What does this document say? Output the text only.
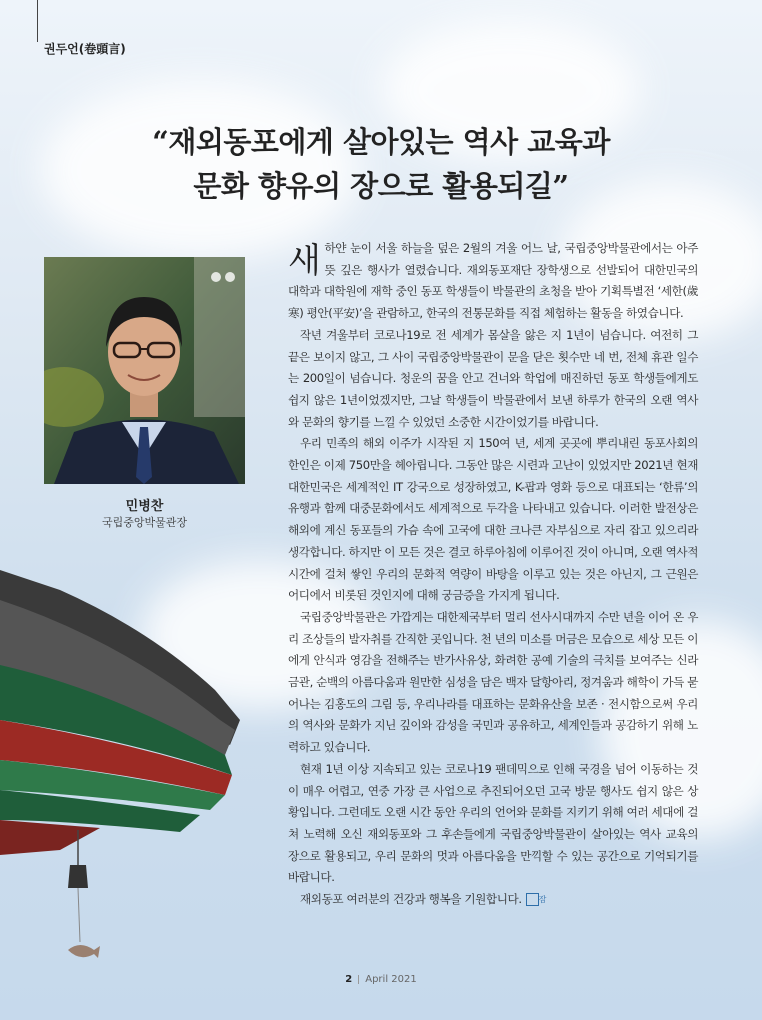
권두언(卷頭言)
“재외동포에게 살아있는 역사 교육과
문화 향유의 장으로 활용되길”
민병찬
국립중앙박물관장

새하얀 눈이 서울 하늘을 덮은 2월의 겨울 어느 날, 국립중앙박물관에서는 아주 뜻 깊은 행사가 열렸습니다. 재외동포재단 장학생으로 선발되어 대한민국의 대학과 대학원에 재학 중인 동포 학생들이 박물관의 초청을 받아 기획특별전 ‘세한(歲寒) 평안(平安)’을 관람하고, 한국의 전통문화를 직접 체험하는 활동을 하였습니다.

작년 겨울부터 코로나19로 전 세계가 몸살을 앓은 지 1년이 넘습니다. 여전히 그 끝은 보이지 않고, 그 사이 국립중앙박물관이 문을 닫은 횟수만 네 번, 전체 휴관 일수는 200일이 넘습니다. 청운의 꿈을 안고 건너와 학업에 매진하던 동포 학생들에게도 쉽지 않은 1년이었겠지만, 그날 학생들이 박물관에서 보낸 하루가 한국의 오랜 역사와 문화의 향기를 느낄 수 있었던 소중한 시간이었기를 바랍니다.

우리 민족의 해외 이주가 시작된 지 150여 년, 세계 곳곳에 뿌리내린 동포사회의 한인은 이제 750만을 헤아립니다. 그동안 많은 시련과 고난이 있었지만 2021년 현재 대한민국은 세계적인 IT 강국으로 성장하였고, K-팝과 영화 등으로 대표되는 ‘한류’의 유행과 함께 대중문화에서도 세계적으로 두각을 나타내고 있습니다. 이러한 발전상은 해외에 계신 동포들의 가슴 속에 고국에 대한 크나큰 자부심으로 자리 잡고 있으리라 생각합니다. 하지만 이 모든 것은 결코 하루아침에 이루어진 것이 아니며, 오랜 역사적 시간에 걸쳐 쌓인 우리의 문화적 역량이 바탕을 이루고 있는 것은 아닌지, 그 근원은 어디에서 비롯된 것인지에 대해 궁금증을 가지게 됩니다.

국립중앙박물관은 가깝게는 대한제국부터 멀리 선사시대까지 수만 년을 이어 온 우리 조상들의 발자취를 간직한 곳입니다. 천 년의 미소를 머금은 모습으로 세상 모든 이에게 안식과 영감을 전해주는 반가사유상, 화려한 공예 기술의 극치를 보여주는 신라금관, 순백의 아름다움과 원만한 심성을 담은 백자 달항아리, 정겨움과 해학이 가득 묻어나는 김홍도의 그림 등, 우리나라를 대표하는 문화유산을 보존 · 전시함으로써 우리의 역사와 문화가 지닌 깊이와 감성을 국민과 공유하고, 세계인들과 공감하기 위해 노력하고 있습니다.

현재 1년 이상 지속되고 있는 코로나19 팬데믹으로 인해 국경을 넘어 이동하는 것이 매우 어렵고, 연중 가장 큰 사업으로 추진되어오던 고국 방문 행사도 쉽지 않은 상황입니다. 그런데도 오랜 시간 동안 우리의 언어와 문화를 지키기 위해 여러 세대에 걸쳐 노력해 오신 재외동포와 그 후손들에게 국립중앙박물관이 살아있는 역사 교육의 장으로 활용되고, 우리 문화의 멋과 아름다움을 만끽할 수 있는 공간으로 기억되기를 바랍니다.

재외동포 여러분의 건강과 행복을 기원합니다. 잠

2 April 2021
